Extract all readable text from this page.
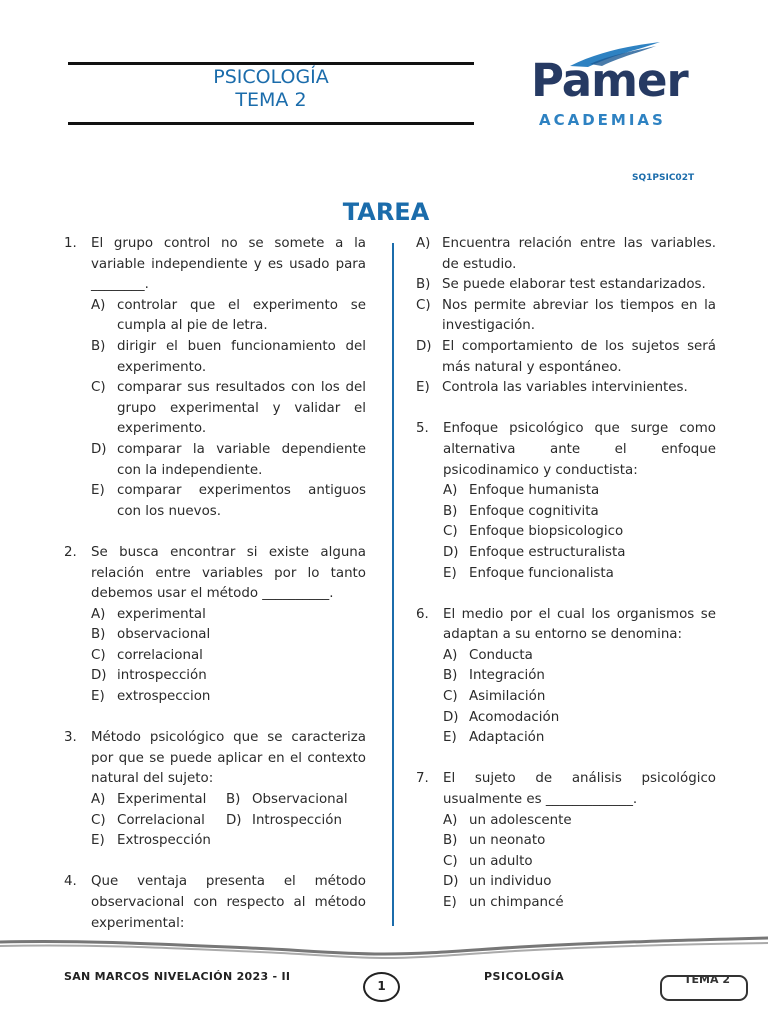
PSICOLOGÍA
TEMA 2	Pamer
ACADEMIAS
SQ1PSIC02T
TAREA
1. El grupo control no se somete a la variable independiente y es usado para ________.
A) controlar que el experimento se cumpla al pie de letra.
B) dirigir el buen funcionamiento del experimento.
C) comparar sus resultados con los del grupo experimental y validar el experimento.
D) comparar la variable dependiente con la independiente.
E) comparar experimentos antiguos con los nuevos.
2. Se busca encontrar si existe alguna relación entre variables por lo tanto debemos usar el método __________.
A) experimental
B) observacional
C) correlacional
D) introspección
E) extrospeccion
3. Método psicológico que se caracteriza por que se puede aplicar en el contexto natural del sujeto:
A) Experimental	B) Observacional
C) Correlacional	D) Introspección
E) Extrospección
4. Que ventaja presenta el método observacional con respecto al método experimental:
A) Encuentra relación entre las variables. de estudio.
B) Se puede elaborar test estandarizados.
C) Nos permite abreviar los tiempos en la investigación.
D) El comportamiento de los sujetos será más natural y espontáneo.
E) Controla las variables intervinientes.
5. Enfoque psicológico que surge como alternativa ante el enfoque psicodinamico y conductista:
A) Enfoque humanista
B) Enfoque cognitivita
C) Enfoque biopsicologico
D) Enfoque estructuralista
E) Enfoque funcionalista
6. El medio por el cual los organismos se adaptan a su entorno se denomina:
A) Conducta
B) Integración
C) Asimilación
D) Acomodación
E) Adaptación
7. El sujeto de análisis psicológico usualmente es _____________.
A) un adolescente
B) un neonato
C) un adulto
D) un individuo
E) un chimpancé
SAN MARCOS NIVELACIÓN 2023 - II
1
PSICOLOGÍA	TEMA 2
